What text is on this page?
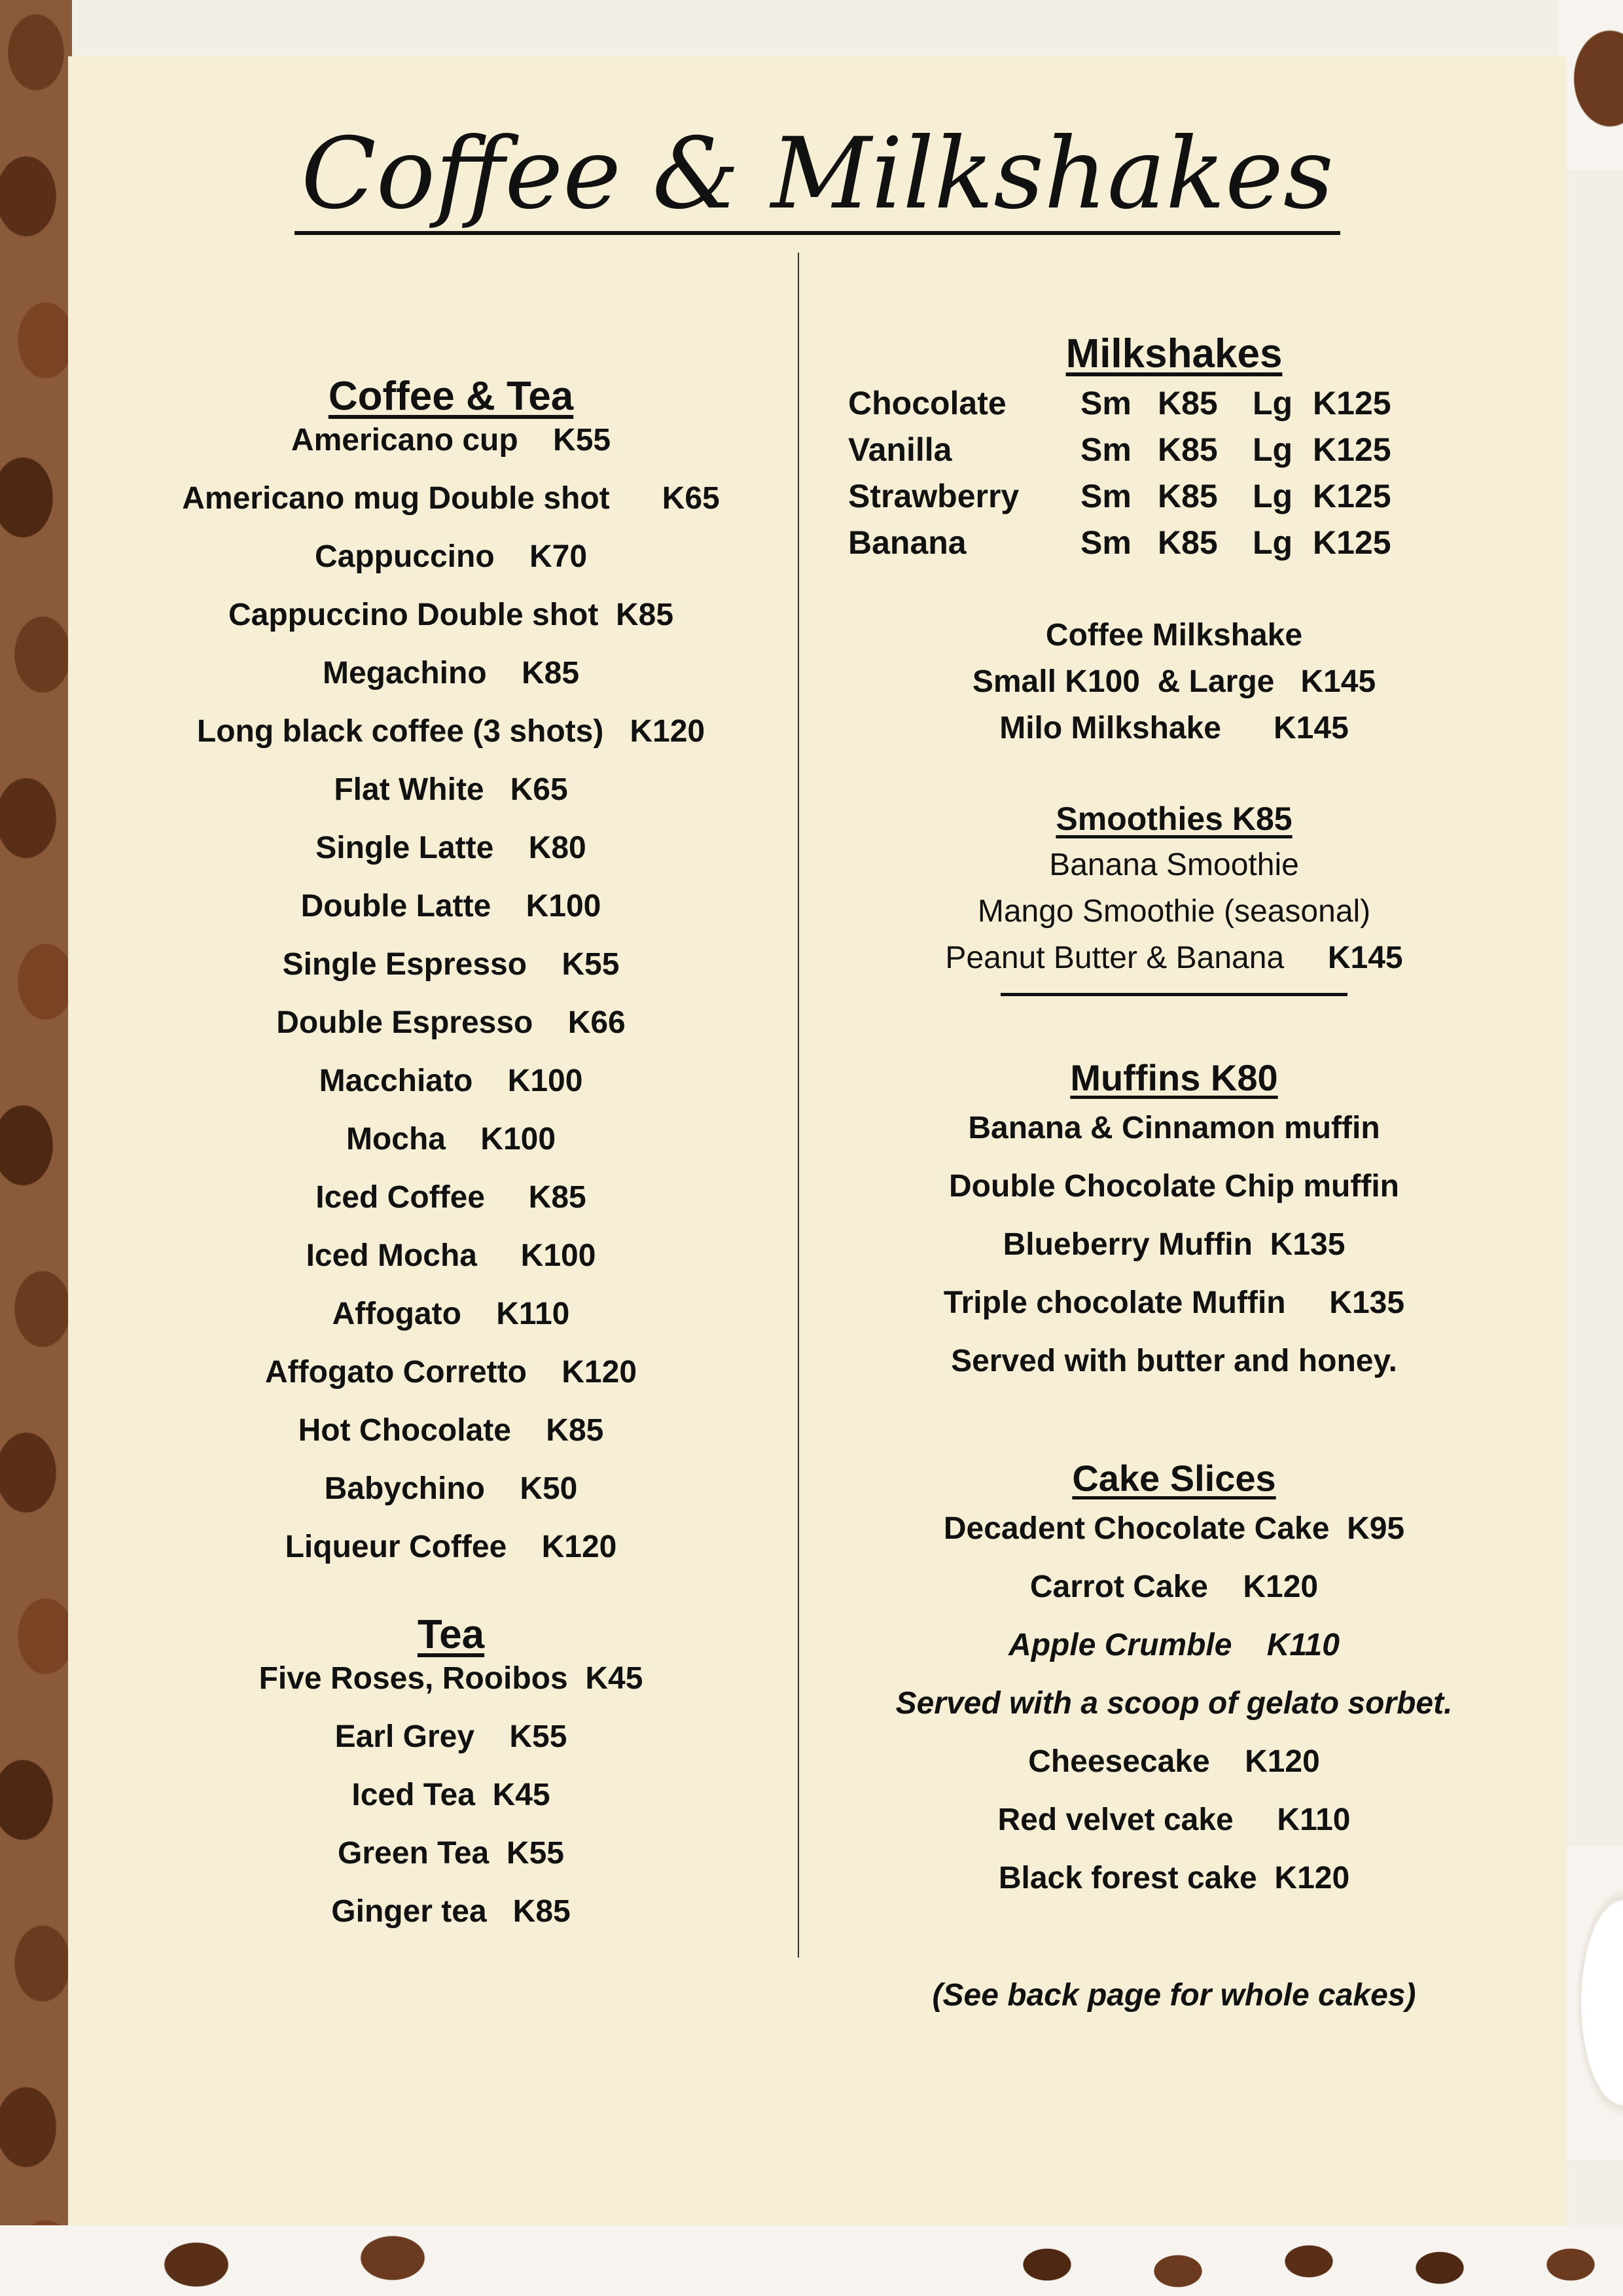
Coffee & Milkshakes
Coffee & Tea
Americano cup    K55
Americano mug Double shot      K65
Cappuccino    K70
Cappuccino Double shot  K85
Megachino    K85
Long black coffee (3 shots)   K120
Flat White   K65
Single Latte    K80
Double Latte    K100
Single Espresso    K55
Double Espresso    K66
Macchiato    K100
Mocha    K100
Iced Coffee     K85
Iced Mocha     K100
Affogato    K110
Affogato Corretto    K120
Hot Chocolate    K85
Babychino    K50
Liqueur Coffee    K120
Tea
Five Roses, Rooibos  K45
Earl Grey    K55
Iced Tea  K45
Green Tea  K55
Ginger tea   K85
Milkshakes
Chocolate	Sm	K85	Lg	K125
Vanilla	Sm	K85	Lg	K125
Strawberry	Sm	K85	Lg	K125
Banana	Sm	K85	Lg	K125
Coffee Milkshake
Small K100  & Large   K145
Milo Milkshake      K145
Smoothies K85
Banana Smoothie
Mango Smoothie (seasonal)
Peanut Butter & Banana K145
Muffins K80
Banana & Cinnamon muffin
Double Chocolate Chip muffin
Blueberry Muffin  K135
Triple chocolate Muffin     K135
Served with butter and honey.
Cake Slices
Decadent Chocolate Cake  K95
Carrot Cake    K120
Apple Crumble    K110
Served with a scoop of gelato sorbet.
Cheesecake    K120
Red velvet cake     K110
Black forest cake  K120
(See back page for whole cakes)
